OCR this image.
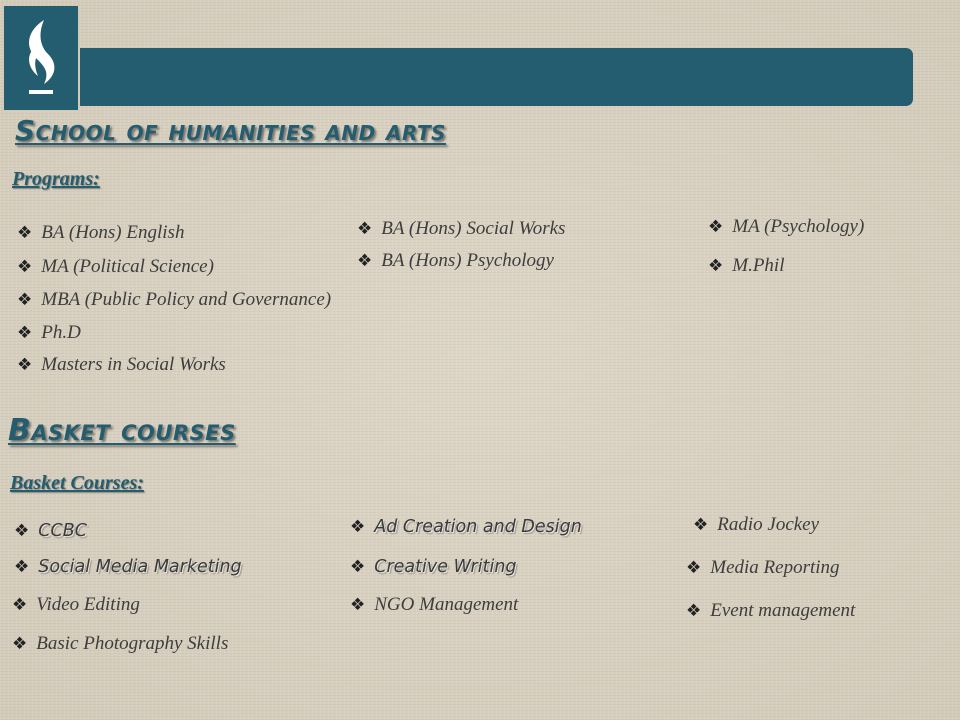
School of humanities and arts
Programs:
❖ BA (Hons) English
❖ MA (Political Science)
❖ MBA (Public Policy and Governance)
❖ Ph.D
❖ Masters in Social Works
❖ BA (Hons) Social Works
❖ BA (Hons) Psychology
❖ MA (Psychology)
❖ M.Phil
Basket courses
Basket Courses:
❖ CCBC
❖ Social Media Marketing
❖ Video Editing
❖ Basic Photography Skills
❖ Ad Creation and Design
❖ Creative Writing
❖ NGO Management
❖ Radio Jockey
❖ Media Reporting
❖ Event management
